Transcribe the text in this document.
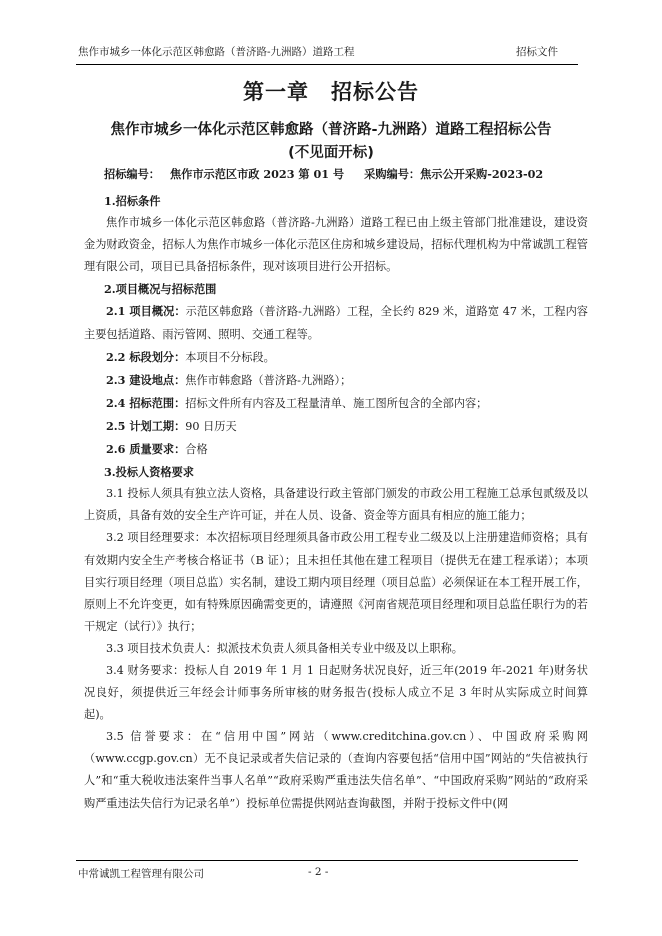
焦作市城乡一体化示范区韩愈路（普济路-九洲路）道路工程	招标文件
第一章　招标公告
焦作市城乡一体化示范区韩愈路（普济路-九洲路）道路工程招标公告
(不见面开标)
招标编号： 焦作市示范区市政 2023 第 01 号 采购编号：焦示公开采购-2023-02

1.招标条件

焦作市城乡一体化示范区韩愈路（普济路-九洲路）道路工程已由上级主管部门批准建设，建设资金为财政资金，招标人为焦作市城乡一体化示范区住房和城乡建设局，招标代理机构为中常诚凯工程管理有限公司，项目已具备招标条件，现对该项目进行公开招标。

2.项目概况与招标范围

2.1 项目概况：示范区韩愈路（普济路-九洲路）工程，全长约 829 米，道路宽 47 米，工程内容主要包括道路、雨污管网、照明、交通工程等。

2.2 标段划分：本项目不分标段。

2.3 建设地点：焦作市韩愈路（普济路-九洲路）；

2.4 招标范围：招标文件所有内容及工程量清单、施工图所包含的全部内容；

2.5 计划工期：90 日历天

2.6 质量要求：合格

3.投标人资格要求

3.1 投标人须具有独立法人资格，具备建设行政主管部门颁发的市政公用工程施工总承包贰级及以上资质，具备有效的安全生产许可证，并在人员、设备、资金等方面具有相应的施工能力；

3.2 项目经理要求：本次招标项目经理须具备市政公用工程专业二级及以上注册建造师资格；具有有效期内安全生产考核合格证书（B 证）；且未担任其他在建工程项目（提供无在建工程承诺）；本项目实行项目经理（项目总监）实名制，建设工期内项目经理（项目总监）必须保证在本工程开展工作，原则上不允许变更，如有特殊原因确需变更的，请遵照《河南省规范项目经理和项目总监任职行为的若干规定（试行）》执行；

3.3 项目技术负责人：拟派技术负责人须具备相关专业中级及以上职称。

3.4 财务要求：投标人自 2019 年 1 月 1 日起财务状况良好，近三年(2019 年-2021 年)财务状况良好，须提供近三年经会计师事务所审核的财务报告(投标人成立不足 3 年时从实际成立时间算起)。

3.5 信誉要求：在“信用中国”网站（www.creditchina.gov.cn）、中国政府采购网（www.ccgp.gov.cn）无不良记录或者失信记录的（查询内容要包括“信用中国”网站的“失信被执行人”和“重大税收违法案件当事人名单”“政府采购严重违法失信名单”、“中国政府采购”网站的“政府采购严重违法失信行为记录名单”）投标单位需提供网站查询截图，并附于投标文件中(网

中常诚凯工程管理有限公司	- 2 -
